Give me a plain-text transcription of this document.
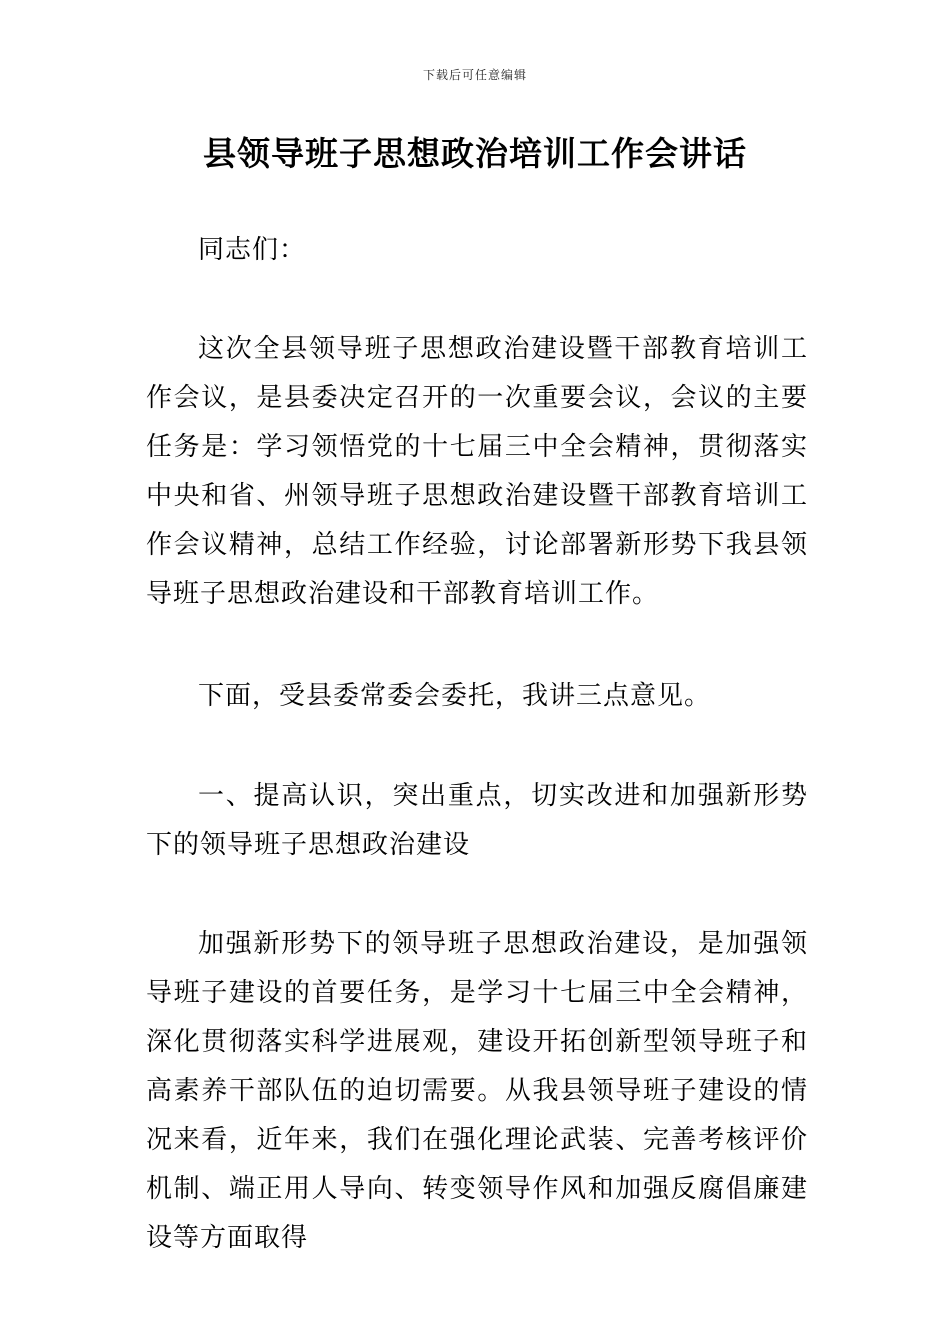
下载后可任意编辑
县领导班子思想政治培训工作会讲话

同志们：

这次全县领导班子思想政治建设暨干部教育培训工作会议，是县委决定召开的一次重要会议，会议的主要任务是：学习领悟党的十七届三中全会精神，贯彻落实中央和省、州领导班子思想政治建设暨干部教育培训工作会议精神，总结工作经验，讨论部署新形势下我县领导班子思想政治建设和干部教育培训工作。

下面，受县委常委会委托，我讲三点意见。

一、提高认识，突出重点，切实改进和加强新形势下的领导班子思想政治建设

加强新形势下的领导班子思想政治建设，是加强领导班子建设的首要任务，是学习十七届三中全会精神，深化贯彻落实科学进展观，建设开拓创新型领导班子和高素养干部队伍的迫切需要。从我县领导班子建设的情况来看，近年来，我们在强化理论武装、完善考核评价机制、端正用人导向、转变领导作风和加强反腐倡廉建设等方面取得
